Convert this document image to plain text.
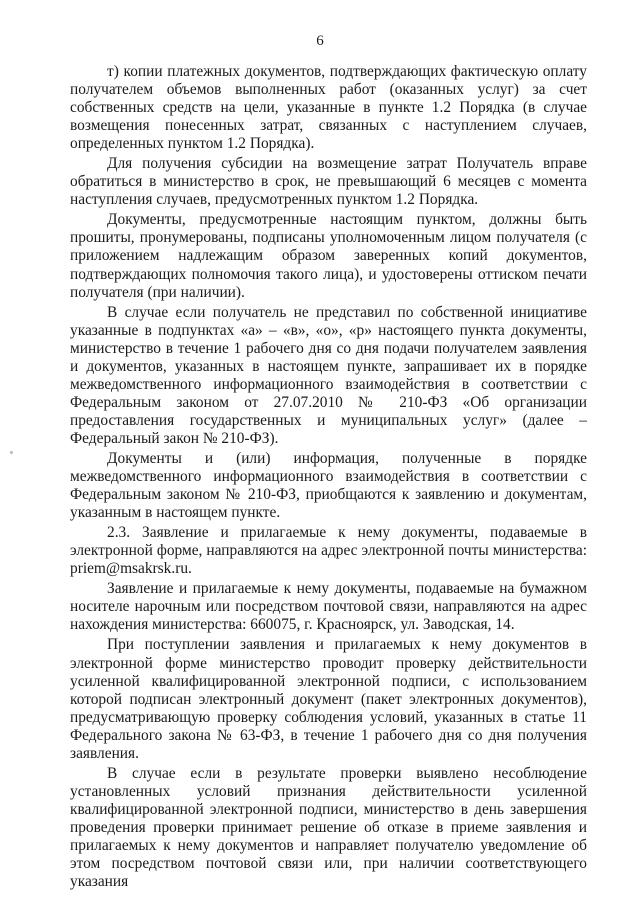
6

т) копии платежных документов, подтверждающих фактическую оплату получателем объемов выполненных работ (оказанных услуг) за счет собственных средств на цели, указанные в пункте 1.2 Порядка (в случае возмещения понесенных затрат, связанных с наступлением случаев, определенных пунктом 1.2 Порядка).

Для получения субсидии на возмещение затрат Получатель вправе обратиться в министерство в срок, не превышающий 6 месяцев с момента наступления случаев, предусмотренных пунктом 1.2 Порядка.

Документы, предусмотренные настоящим пунктом, должны быть прошиты, пронумерованы, подписаны уполномоченным лицом получателя (с приложением надлежащим образом заверенных копий документов, подтверждающих полномочия такого лица), и удостоверены оттиском печати получателя (при наличии).

В случае если получатель не представил по собственной инициативе указанные в подпунктах «а» – «в», «о», «р» настоящего пункта документы, министерство в течение 1 рабочего дня со дня подачи получателем заявления и документов, указанных в настоящем пункте, запрашивает их в порядке межведомственного информационного взаимодействия в соответствии с Федеральным законом от 27.07.2010 № 210-ФЗ «Об организации предоставления государственных и муниципальных услуг» (далее – Федеральный закон № 210-ФЗ).

Документы и (или) информация, полученные в порядке межведомственного информационного взаимодействия в соответствии с Федеральным законом № 210-ФЗ, приобщаются к заявлению и документам, указанным в настоящем пункте.

2.3. Заявление и прилагаемые к нему документы, подаваемые в электронной форме, направляются на адрес электронной почты министерства: priem@msakrsk.ru.

Заявление и прилагаемые к нему документы, подаваемые на бумажном носителе нарочным или посредством почтовой связи, направляются на адрес нахождения министерства: 660075, г. Красноярск, ул. Заводская, 14.

При поступлении заявления и прилагаемых к нему документов в электронной форме министерство проводит проверку действительности усиленной квалифицированной электронной подписи, с использованием которой подписан электронный документ (пакет электронных документов), предусматривающую проверку соблюдения условий, указанных в статье 11 Федерального закона № 63-ФЗ, в течение 1 рабочего дня со дня получения заявления.

В случае если в результате проверки выявлено несоблюдение установленных условий признания действительности усиленной квалифицированной электронной подписи, министерство в день завершения проведения проверки принимает решение об отказе в приеме заявления и прилагаемых к нему документов и направляет получателю уведомление об этом посредством почтовой связи или, при наличии соответствующего указания
